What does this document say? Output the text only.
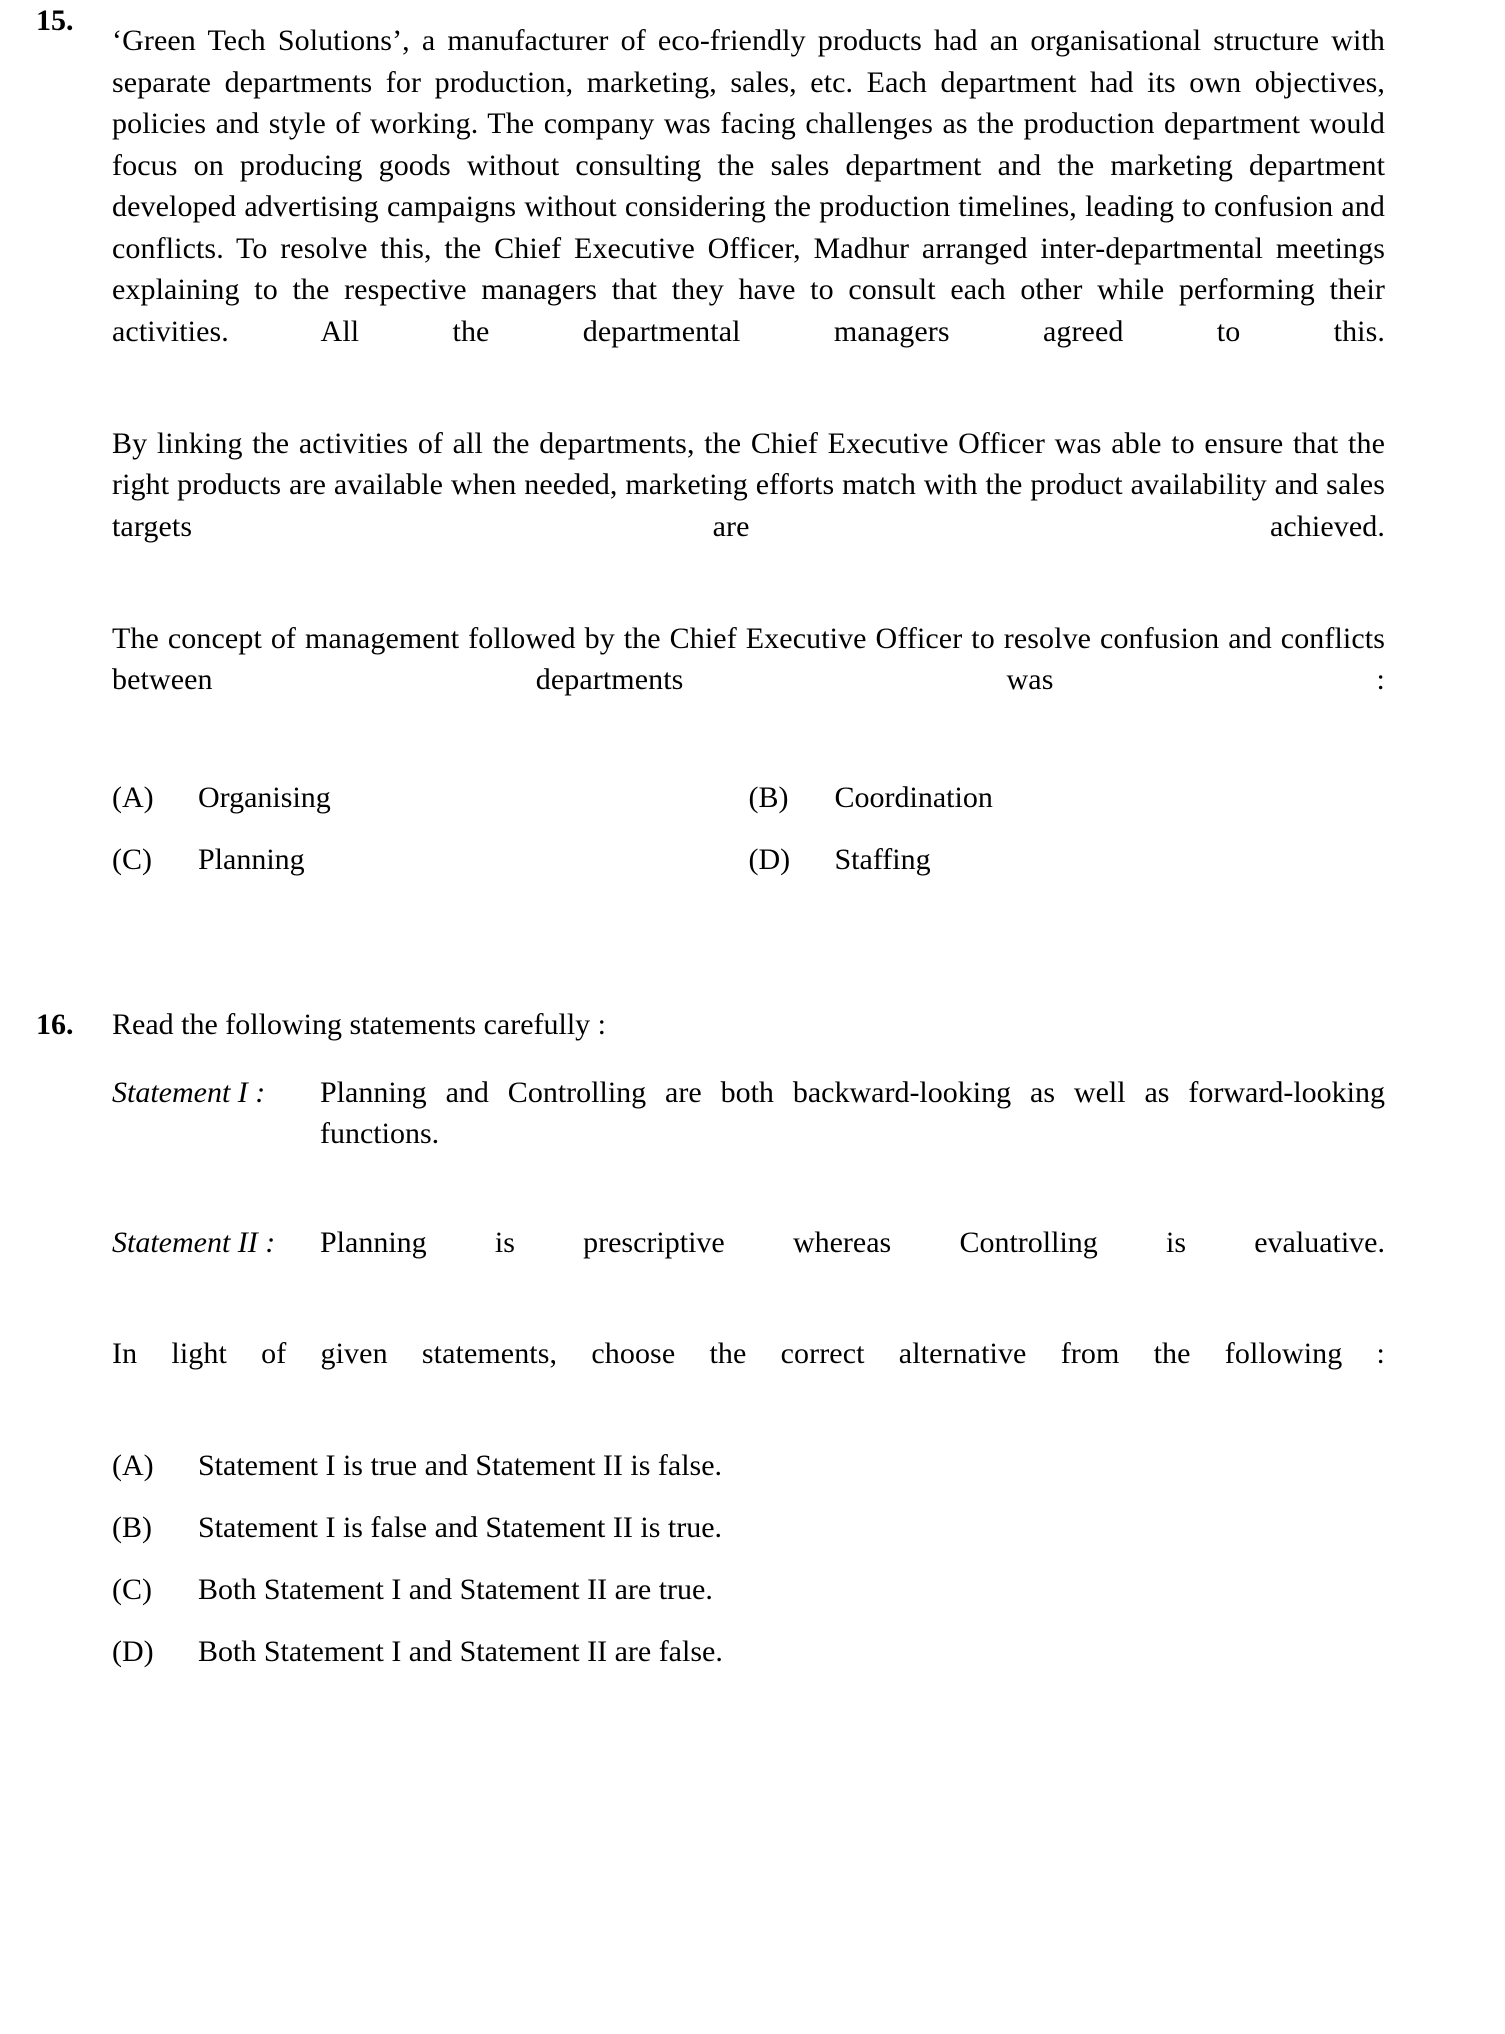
15.

‘Green Tech Solutions’, a manufacturer of eco-friendly products had an organisational structure with separate departments for production, marketing, sales, etc. Each department had its own objectives, policies and style of working. The company was facing challenges as the production department would focus on producing goods without consulting the sales department and the marketing department developed advertising campaigns without considering the production timelines, leading to confusion and conflicts. To resolve this, the Chief Executive Officer, Madhur arranged inter-departmental meetings explaining to the respective managers that they have to consult each other while performing their activities. All the departmental managers agreed to this.

By linking the activities of all the departments, the Chief Executive Officer was able to ensure that the right products are available when needed, marketing efforts match with the product availability and sales targets are achieved.

The concept of management followed by the Chief Executive Officer to resolve confusion and conflicts between departments was :

(A)	Organising	(B)	Coordination
(C)	Planning	(D)	Staffing
16.	Read the following statements carefully :
Statement I :	Planning and Controlling are both backward-looking as well as forward-looking functions.
Statement II :	Planning is prescriptive whereas Controlling is evaluative.

In light of given statements, choose the correct alternative from the following :

(A)	Statement I is true and Statement II is false.
(B)	Statement I is false and Statement II is true.
(C)	Both Statement I and Statement II are true.
(D)	Both Statement I and Statement II are false.
